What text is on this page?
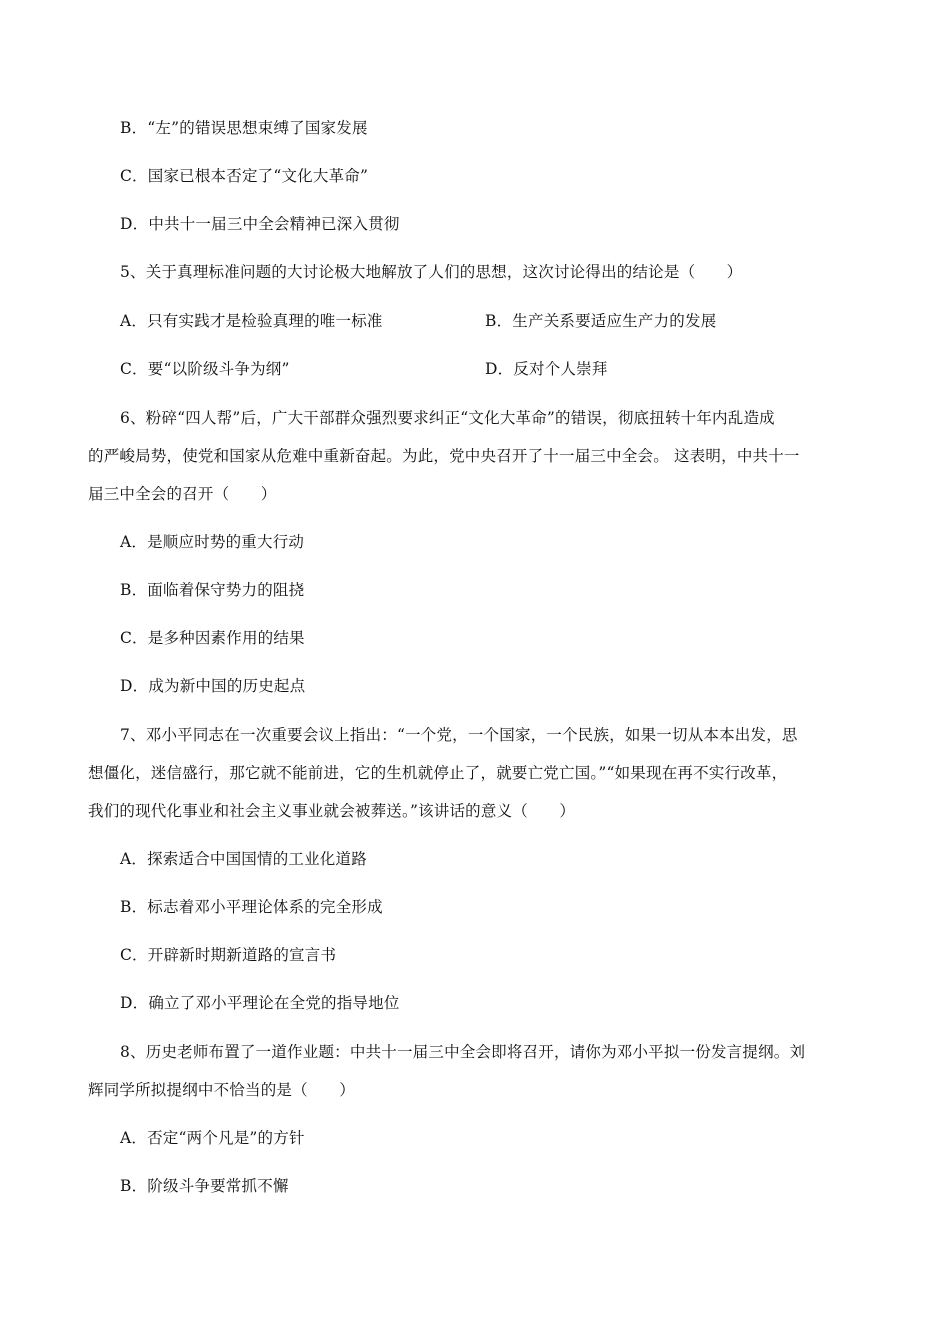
B．“左”的错误思想束缚了国家发展
C．国家已根本否定了“文化大革命”
D．中共十一届三中全会精神已深入贯彻
5、关于真理标准问题的大讨论极大地解放了人们的思想，这次讨论得出的结论是（　　）
A．只有实践才是检验真理的唯一标准	B．生产关系要适应生产力的发展
C．要“以阶级斗争为纲”	D．反对个人崇拜
6、粉碎“四人帮”后，广大干部群众强烈要求纠正“文化大革命”的错误，彻底扭转十年内乱造成
的严峻局势，使党和国家从危难中重新奋起。为此，党中央召开了十一届三中全会。 这表明，中共十一
届三中全会的召开（　　）
A．是顺应时势的重大行动
B．面临着保守势力的阻挠
C．是多种因素作用的结果
D．成为新中国的历史起点
7、邓小平同志在一次重要会议上指出：“一个党，一个国家，一个民族，如果一切从本本出发，思
想僵化，迷信盛行，那它就不能前进，它的生机就停止了，就要亡党亡国。”“如果现在再不实行改革，
我们的现代化事业和社会主义事业就会被葬送。”该讲话的意义（　　）
A．探索适合中国国情的工业化道路
B．标志着邓小平理论体系的完全形成
C．开辟新时期新道路的宣言书
D．确立了邓小平理论在全党的指导地位
8、历史老师布置了一道作业题：中共十一届三中全会即将召开，请你为邓小平拟一份发言提纲。刘
辉同学所拟提纲中不恰当的是（　　）
A．否定“两个凡是”的方针
B．阶级斗争要常抓不懈
